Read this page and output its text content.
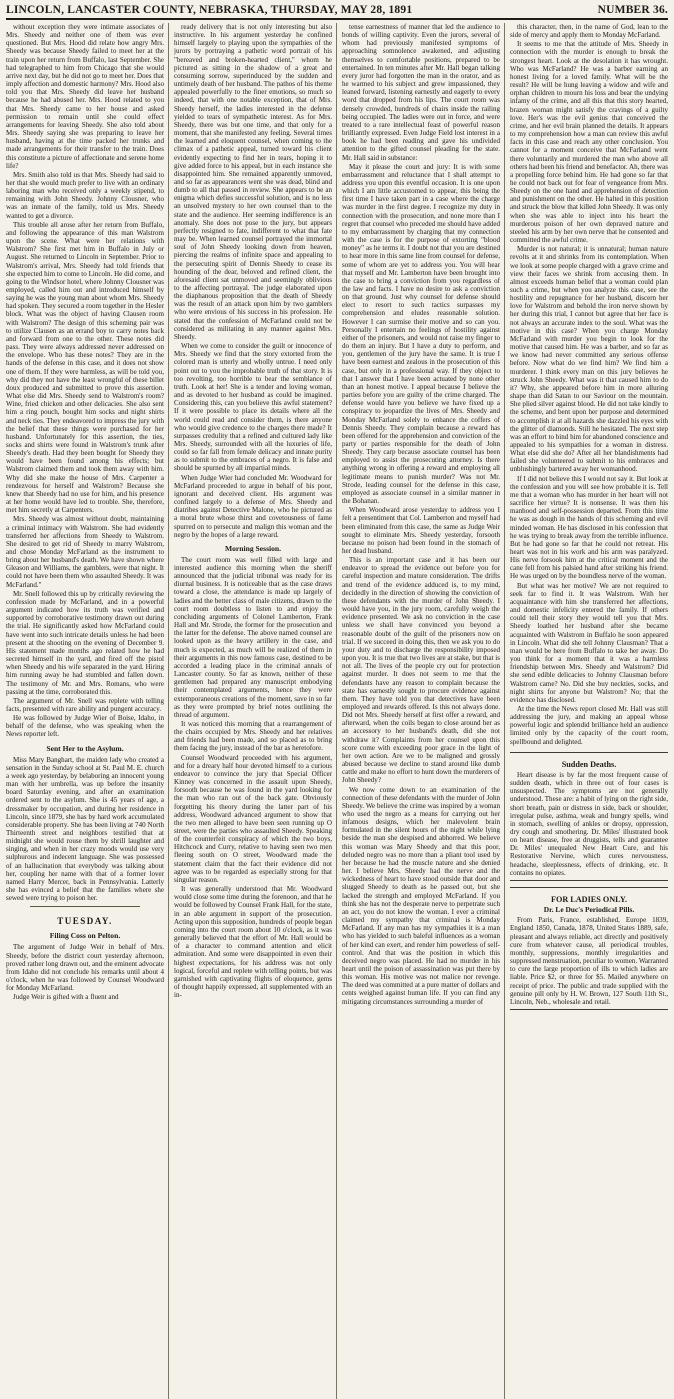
LINCOLN, LANCASTER COUNTY, NEBRASKA, THURSDAY, MAY 28, 1891	NUMBER 36.

without exception they were intimate associates of Mrs. Sheedy and neither one of them was ever questioned. But Mrs. Hood did relate how angry Mrs. Sheedy was because Sheedy failed to meet her at the train upon her return from Buffalo, last September. She had telegraphed to him from Chicago that she would arrive next day, but he did not go to meet her. Does that imply affection and domestic harmony? Mrs. Hood also told you that Mrs. Sheedy did leave her husband because he had abused her. Mrs. Hood related to you that Mrs. Sheedy came to her house and asked permission to remain until she could effect arrangements for leaving Sheedy. She also told about Mrs. Sheedy saying she was preparing to leave her husband, having at the time packed her trunks and made arrangements for their transfer to the train. Does this constitute a picture of affectionate and serene home life?

Mrs. Smith also told us that Mrs. Sheedy had said to her that she would much prefer to live with an ordinary laboring man who received only a weekly stipend, to remaining with John Sheedy. Johnny Clousner, who was an inmate of the family, told us Mrs. Sheedy wanted to get a divorce.

This trouble all arose after her return from Buffalo, and following the appearance of this man Walstrom upon the scene. What were her relations with Walstrom? She first met him in Buffalo in July or August. She returned to Lincoln in September. Prior to Walstrom's arrival, Mrs. Sheedy had told friends that she expected him to come to Lincoln. He did come, and going to the Windsor hotel, where Johnny Clousner was employed, called him out and introduced himself by saying he was the young man about whom Mrs. Sheedy had spoken. They secured a room together in the Hesler block. What was the object of having Clausen room with Walstrom? The design of this scheming pair was to utilize Clausen as an errand boy to carry notes back and forward from one to the other. These notes did pass. They were always addressed never addressed on the envelope. Who has these notes? They are in the hands of the defense in this case, and it does not show one of them. If they were harmless, as will be told you, why did they not have the least wrongful of these billet doux produced and submitted to prove this assertion. What else did Mrs. Sheedy send to Walstrom's room? Wine, fried chicken and other delicacies. She also sent him a ring pouch, bought him socks and night shirts and neck ties. They endeavored to impress the jury with the belief that these things were purchased for her husband. Unfortunately for this assertion, the ties, socks and shirts were found in Walstrom's trunk after Sheedy's death. Had they been bought for Sheedy they would have been found among his effects; but Walstrom claimed them and took them away with him. Why did she make the house of Mrs. Carpenter a rendezvous for herself and Walstrom? Because she knew that Sheedy had no use for him, and his presence at her home would have led to trouble. She, therefore, met him secretly at Carpenters.

Mrs. Sheedy was almost without doubt, maintaining a criminal intimacy with Walstrom. She had evidently transferred her affections from Sheedy to Walstrom. She desired to get rid of Sheedy to marry Walstrom, and chose Monday McFarland as the instrument to bring about her husband's death. We have shown where Gleason and Williams, the gamblers, were that night. It could not have been them who assaulted Sheedy. It was McFarland."

Mr. Snell followed this up by critically reviewing the confession made by McFarland, and in a powerful argument indicated how its truth was verified and supported by corroborative testimony drawn out during the trial. He significantly asked how McFarland could have went into such intricate details unless he had been present at the shooting on the evening of December 9. His statement made months ago related how he had secreted himself in the yard, and fired off the pistol when Sheedy and his wife separated in the yard. Hiring him running away he had stumbled and fallen down. The testimony of Mr. and Mrs. Romans, who were passing at the time, corroborated this.

The argument of Mr. Snell was replete with telling facts, presented with rare ability and pungent accuracy.

He was followed by Judge Wier of Boise, Idaho, in behalf of the defense, who was speaking when the News reporter left.

Sent Her to the Asylum.

Miss Mary Banghart, the maiden lady who created a sensation in the Sunday school at St. Paul M. E. church a week ago yesterday, by belaboring an innocent young man with her umbrella, was up before the insanity board Saturday evening, and after an examination ordered sent to the asylum. She is 45 years of age, a dressmaker by occupation, and during her residence in Lincoln, since 1879, she has by hard work accumulated considerable property. She has been living at 740 North Thirteenth street and neighbors testified that at midnight she would rouse them by shrill laughter and singing, and when in her crazy moods would use very sulphurous and indecent language. She was possessed of an hallucination that everybody was talking about her, coupling her name with that of a former lover named Harry Mercer, back in Pennsylvania. Latterly she has evinced a belief that the families where she sewed were trying to poison her.

TUESDAY.
Filing Coss on Pelton.

The argument of Judge Weir in behalf of Mrs. Sheedy, before the district court yesterday afternoon, proved rather long drawn out, and the eminent advocate from Idaho did not conclude his remarks until about 4 o'clock, when he was followed by Counsel Woodward for Monday McFarland.

Judge Weir is gifted with a fluent and

ready delivery that is not only interesting but also instructive. In his argument yesterday he confined himself largely to playing upon the sympathies of the jurors by portraying a pathetic word portrait of his "bereaved and broken-hearted client," whom he pictured as sitting in the shadow of a great and consuming sorrow, superinduced by the sudden and untimely death of her husband. The pathos of his theme appealed powerfully to the finer emotions, so much so indeed, that with one notable exception, that of Mrs. Sheedy herself, the ladies interested in the defense yielded to tears of sympathetic interest. As for Mrs. Sheedy, there was but one time, and that only for a moment, that she manifested any feeling. Several times the learned and eloquent counsel, when coming to the climax of a pathetic appeal, turned toward his client evidently expecting to find her in tears, hoping it to give added force to his appeal, but in each instance she disappointed him. She remained apparently unmoved, and so far as appearances went she was dead, blind and dumb to all that passed in review. She appears to be an enigma which defies successful solution, and is no less an unsolved mystery to her own counsel than to the state and the audience. Her seeming indifference is an anomaly. She does not pose to the jury, but appears perfectly resigned to fate, indifferent to what that fate may be. When learned counsel portrayed the immortal soul of John Sheedy looking down from heaven, piercing the realms of infinite space and appealing to the persecuting spirit of Dennis Sheedy to cease its hounding of the dear, beloved and refined client, the aforesaid client sat unmoved and seemingly oblivious to the affecting portrayal. The judge elaborated upon the diaphanous proposition that the death of Sheedy was the result of an attack upon him by two gamblers who were envious of his success in his profession. He stated that the confession of McFarland could not be considered as militating in any manner against Mrs. Sheedy.

When we come to consider the guilt or innocence of Mrs. Sheedy we find that the story extorted from the colored man is utterly and wholly untrue. I need only point out to you the improbable truth of that story. It is too revolting, too horrible to bear the semblance of truth. Look at her! She is a tender and loving woman, and as devoted to her husband as could be imagined. Considering this, can you believe this awful statement? If it were possible to place its details where all the world could read and consider them, is there anyone who would give credence to the charges there made? It surpasses credulity that a refined and cultured lady like Mrs. Sheedy, surrounded with all the luxuries of life, could so far fall from female delicacy and innate purity as to submit to the embraces of a negro. It is false and should be spurned by all impartial minds.

When Judge Wier had concluded Mr. Woodward for McFarland proceeded to argue in behalf of his poor, ignorant and deceived client. His argument was confined largely to a defense of Mrs. Sheedy and diatribes against Detective Malone, who he pictured as a moral brute whose thirst and covetousness of fame spurred on to persecute and malign this woman and the negro by the hopes of a large reward.

Morning Session.

The court room was well filled with large and interested audience this morning when the sheriff announced that the judicial tribunal was ready for its diurnal business. It is noticeable that as the case draws toward a close, the attendance is made up largely of ladies and the better class of male citizens, drawn to the court room doubtless to listen to and enjoy the concluding arguments of Colonel Lamberton, Frank Hall and Mr. Strode, the former for the prosecution and the latter for the defense. The above named counsel are looked upon as the heavy artillery in the case, and much is expected, as much will be realized of them in their arguments in this now famous case, destined to be accorded a leading place in the criminal annals of Lancaster county. So far as known, neither of these gentlemen had prepared any manuscript embodying their contemplated arguments, hence they were extemporaneous creations of the moment, save in so far as they were prompted by brief notes outlining the thread of argument.

It was noticed this morning that a rearrangement of the chairs occupied by Mrs. Sheedy and her relatives and friends had been made, and so placed as to bring them facing the jury, instead of the bar as heretofore.

Counsel Woodward proceeded with his argument, and for a dreary half hour devoted himself to a curious endeavor to convince the jury that Special Officer Kinney was concerned in the assault upon Sheedy, forsooth because he was found in the yard looking for the man who ran out of the back gate. Obviously forgetting his theory during the latter part of his address, Woodward advanced argument to show that the two men alleged to have been seen running up O street, were the parties who assaulted Sheedy. Speaking of the counterfeit conspiracy of which the two boys, Hitchcock and Curry, relative to having seen two men fleeing south on O street, Woodward made the statement claim that the fact their evidence did not agree was to be regarded as especially strong for that singular reason.

It was generally understood that Mr. Woodward would close some time during the forenoon, and that he would be followed by Counsel Frank Hall, for the state, in an able argument in support of the prosecution. Acting upon this supposition, hundreds of people began coming into the court room about 10 o'clock, as it was generally believed that the effort of Mr. Hall would be of a character to command attention and elicit admiration. And some were disappointed in even their highest expectations, for his address was not only logical, forceful and replete with telling points, but was garnished with captivating flights of eloquence, gems of thought happily expressed, all supplemented with an in-

tense earnestness of manner that led the audience to bonds of willing captivity. Even the jurors, several of whom had previously manifested symptoms of approaching somnolence awakened, and adjusting themselves to comfortable positions, prepared to be entertained. In ten minutes after Mr. Hall began talking every juror had forgotten the man in the orator, and as he warmed to his subject and grew impassioned, they leaned forward, listening earnestly and eagerly to every word that dropped from his lips. The court room was densely crowded, hundreds of chairs inside the railing being occupied. The ladies were out in force, and were treated to a rare intellectual feast of powerful reason brilliantly expressed. Even Judge Field lost interest in a book he had been reading and gave his undivided attention to the gifted counsel pleading for the state. Mr. Hall said in substance:

May it please the court and jury: It is with some embarrassment and reluctance that I shall attempt to address you upon this eventful occasion. It is one upon which I am little accustomed to appear, this being the first time I have taken part in a case where the charge was murder in the first degree. I recognize my duty in connection with the prosecution, and none more than I regret that counsel who preceded me should have added to my embarrassment by charging that my connection with the case is for the purpose of extorting "blood money" as he terms it. I doubt not that you are destined to hear more in this same line from counsel for defense, some of whom are yet to address you. You will hear that myself and Mr. Lamberton have been brought into the case to bring a conviction from you regardless of the law and facts. I have no desire to ask a conviction on that ground. Just why counsel for defense should elect to resort to such tactics surpasses my comprehension and eludes reasonable solution. However I can surmise their motive and so can you. Personally I entertain no feelings of hostility against either of the prisoners, and would not raise my finger to do them an injury. But I have a duty to perform, and you, gentlemen of the jury have the same. It is true I have been earnest and zealous in the prosecution of this case, but only in a professional way. If they object to that I answer that I have been actuated by none other than an honest motive. I appeal because I believe the parties before you are guilty of the crime charged. The defense would have you believe we have fixed up a conspiracy to jeopardize the lives of Mrs. Sheedy and Monday McFarland solely to enhance the coffers of Dennis Sheedy. They complain because a reward has been offered for the apprehension and conviction of the party or parties responsible for the death of John Sheedy. They carp because associate counsel has been employed to assist the prosecuting attorney. Is there anything wrong in offering a reward and employing all legitimate means to punish murder? Was not Mr. Strode, leading counsel for the defense in this case, employed as associate counsel in a similar manner in the Bohanan.

When Woodward arose yesterday to address you I felt a presentiment that Col. Lamberton and myself had been eliminated from this case, the same as Judge Weir sought to eliminate Mrs. Sheedy yesterday, forsooth because no poison had been found in the stomach of her dead husband.

This is an important case and it has been our endeavor to spread the evidence out before you for careful inspection and mature consideration. The drifts and trend of the evidence adduced is, to my mind, decidedly in the direction of showing the conviction of these defendants with the murder of John Sheedy. I would have you, in the jury room, carefully weigh the evidence presented. We ask no conviction in the case unless we shall have convinced you beyond a reasonable doubt of the guilt of the prisoners now on trial. If we succeed in doing this, then we ask you to do your duty and to discharge the responsibility imposed upon you. It is true that two lives are at stake, but that is not all. The lives of the people cry out for protection against murder. It does not seem to me that the defendants have any reason to complain because the state has earnestly sought to procure evidence against them. They have told you that detectives have been employed and rewards offered. Is this not always done. Did not Mrs. Sheedy herself at first offer a reward, and afterward, when the coils began to close around her as an accessory to her husband's death, did she not withdraw it? Complaints from her counsel upon this score come with exceeding poor grace in the light of her own action. Are we to be maligned and grossly abused because we decline to stand around like dumb cattle and make no effort to hunt down the murderers of John Sheedy?

We now come down to an examination of the connection of these defendants with the murder of John Sheedy. We believe the crime was inspired by a woman who used the negro as a means for carrying out her infamous designs, which her malevolent brain formulated in the silent hours of the night while lying beside the man she despised and abhorred. We believe this woman was Mary Sheedy and that this poor, deluded negro was no more than a pliant tool used by her because he had the muscle nature and she denied her. I believe Mrs. Sheedy had the nerve and the wickedness of heart to have stood outside that door and slugged Sheedy to death as he passed out, but she lacked the strength and employed McFarland. If you think she has not the desperate nerve to perpetrate such an act, you do not know the woman. I ever a criminal claimed my sympathy that criminal is Monday McFarland. If any man has my sympathies it is a man who has yielded to such baleful influences as a woman of her kind can exert, and render him powerless of self-control. And that was the position in which this deceived negro was placed. He had no murder in his heart until the poison of assassination was put there by this woman. His motive was not malice nor revenge. The deed was committed at a pure matter of dollars and cents weighed against human life. If you can find any mitigating circumstances surrounding a murder of

this character, then, in the name of God, lean to the side of mercy and apply them to Monday McFarland.

It seems to me that the attitude of Mrs. Sheedy in connection with the murder is enough to break the strongest heart. Look at the desolation it has wrought. Who was McFarland? He was a barber earning an honest living for a loved family. What will be the result? He will be hung leaving a widow and wife and orphan children to mourn his loss and bear the undying infamy of the crime, and all this that this story hearted, brazen woman might satisfy the cravings of a guilty love. Her's was the evil genius that conceived the crime, and her evil brain planned the details. It appears to my comprehension how a man can review this awful facts in this case and reach any other conclusion. You cannot for a moment conceive that McFarland went there voluntarily and murdered the man who above all others had been his friend and benefactor. Ah, there was a propelling force behind him. He had gone so far that he could not back out for fear of vengeance from Mrs. Sheedy on the one hand and apprehension of detection and punishment on the other. He halted in this position and struck the blow that killed John Sheedy. It was only when she was able to inject into his heart the murderous poison of her own depraved nature and steeled his arm by her own nerve that he consented and committed the awful crime.

Murder is not natural; it is unnatural; human nature revolts at it and shrinks from its contemplation. When we look at some people charged with a grave crime and view their faces we shrink from accusing them. In almost exceeds human belief that a woman could plan such a crime, but when you analyze this case, see the hostility and repugnance for her husband, discern her love for Walstrom and behold the iron nerve shown by her during this trial, I cannot but agree that her face is not always an accurate index to the soul. What was the motive in this case? When you charge Monday McFarland with murder you begin to look for the motive that caused him. He was a barber, and so far as we know had never committed any serious offense before. Now what do we find him? We find him a murderer. I think every man on this jury believes he struck John Sheedy. What was it that caused him to do it? Why, she appeared before him in more alluring shape than did Satan to our Saviour on the mountain. She plied silver against blood. He did not take kindly to the scheme, and bent upon her purpose and determined to accomplish it at all hazards she dazzled his eyes with the glitter of diamonds. Still he hesitated. The next step was an effort to bind him for abandoned conscience and appealed to his sympathies for a woman in distress. What else did she do? After all her blandishments had failed she volunteered to submit to his embraces and unblushingly bartered away her womanhood.

If I did not believe this I would not say it. But look at the confession and you will see how probable it is. Tell me that a woman who has murder in her heart will not sacrifice her virtue? It is nonsense. It was then his manhood and self-possession departed. From this time he was as dough in the hands of this scheming and evil minded woman. He has disclosed in his confession that he was trying to break away from the terrible influence. But he had gone so far that he could not retreat. His heart was not in his work and his arm was paralyzed. His nerve forsook him at the critical moment and the cane fell from his palsied hand after striking his friend. He was urged on by the boundless nerve of the woman.

But what was her motive? We are not required to seek far to find it. It was Walstrom. With her acquaintance with him she transferred her affections, and domestic infelicity entered the family. If others could tell their story they would tell you that Mrs. Sheedy loathed her husband after she became acquainted with Walstrom in Buffalo he soon appeared in Lincoln. What did she tell Johnny Clausman? That a man would be here from Buffalo to take her away. Do you think for a moment that it was a harmless friendship between Mrs. Sheedy and Walstrom? Did she send edible delicacies to Johnny Clausman before Walstrom came? No. Did she buy neckties, socks, and night shirts for anyone but Walstrom? No; that the evidence has disclosed.

At the time the News report closed Mr. Hall was still addressing the jury, and making an appeal whose powerful logic and splendid brilliance held an audience limited only by the capacity of the court room, spellbound and delighted.

Sudden Deaths.

Heart disease is by far the most frequent cause of sudden death, which in three out of four cases is unsuspected. The symptoms are not generally understood. These are: a habit of lying on the right side, short breath, pain or distress in side, back or shoulder, irregular pulse, asthma, weak and hungry spells, wind in stomach, swelling of ankles or dropsy, oppression, dry cough and smothering. Dr. Miles' illustrated book on heart disease, free at druggists, tells and guarantee Dr. Miles' unequaled New Heart Cure, and his Restorative Nervine, which cures nervousness, headache, sleeplessness, effects of drinking, etc. It contains no opiates.

FOR LADIES ONLY.
Dr. Le Duc's Periodical Pills.

From Paris, France, established, Europe 1839, England 1850, Canada, 1878, United States 1889, safe, pleasant and always reliable, act directly and positively cure from whatever cause, all periodical troubles, monthly, suppressions, monthly irregularities and suppressed menstruation, peculiar to women. Warranted to cure the large proportion of ills to which ladies are liable. Price $2, or three for $5. Mailed anywhere on receipt of price. The public and trade supplied with the genuine pill only by H. W. Brown, 127 South 11th St., Lincoln, Neb., wholesale and retail.
